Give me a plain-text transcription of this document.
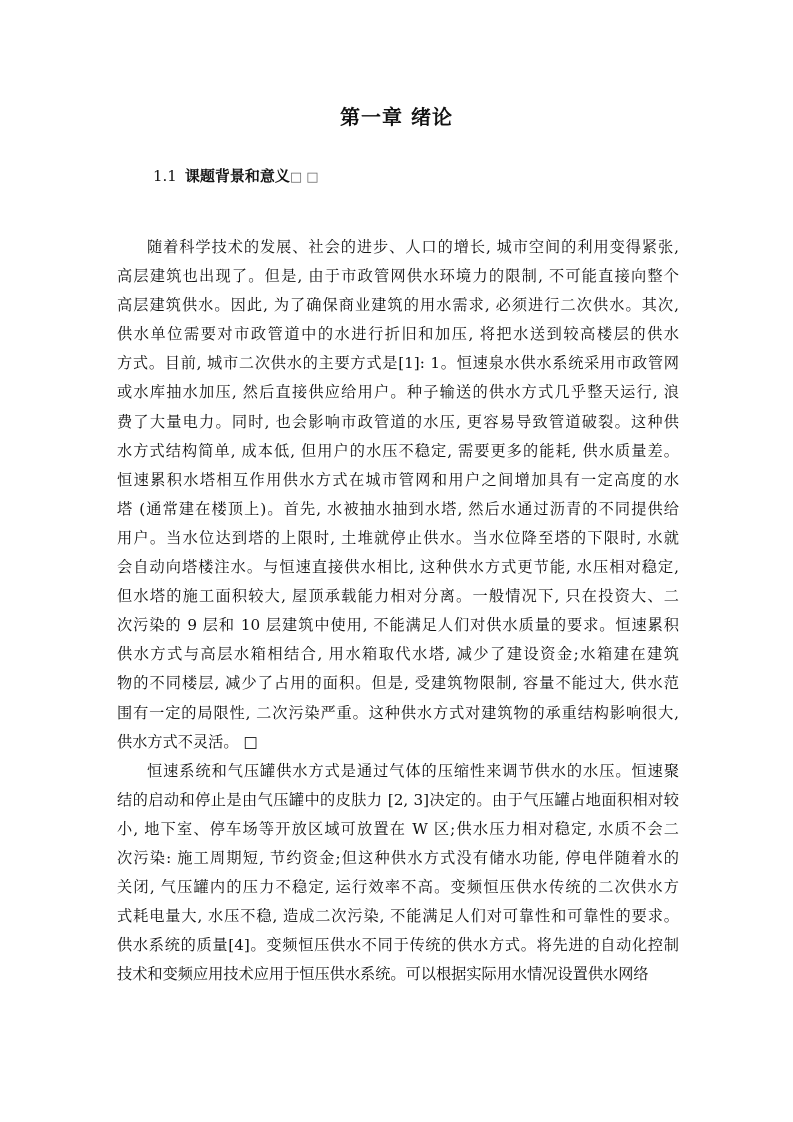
第一章 绪论
1.1 课题背景和意义□ □
随着科学技术的发展、社会的进步、人口的增长, 城市空间的利用变得紧张,
高层建筑也出现了。但是, 由于市政管网供水环境力的限制, 不可能直接向整个
高层建筑供水。因此, 为了确保商业建筑的用水需求, 必须进行二次供水。其次,
供水单位需要对市政管道中的水进行折旧和加压, 将把水送到较高楼层的供水
方式。目前, 城市二次供水的主要方式是[1]: 1。恒速泉水供水系统采用市政管网
或水库抽水加压, 然后直接供应给用户。种子输送的供水方式几乎整天运行, 浪
费了大量电力。同时, 也会影响市政管道的水压, 更容易导致管道破裂。这种供
水方式结构简单, 成本低, 但用户的水压不稳定, 需要更多的能耗, 供水质量差。
恒速累积水塔相互作用供水方式在城市管网和用户之间增加具有一定高度的水
塔 (通常建在楼顶上)。首先, 水被抽水抽到水塔, 然后水通过沥青的不同提供给
用户。当水位达到塔的上限时, 土堆就停止供水。当水位降至塔的下限时, 水就
会自动向塔楼注水。与恒速直接供水相比, 这种供水方式更节能, 水压相对稳定,
但水塔的施工面积较大, 屋顶承载能力相对分离。一般情况下, 只在投资大、二
次污染的 9 层和 10 层建筑中使用, 不能满足人们对供水质量的要求。恒速累积
供水方式与高层水箱相结合, 用水箱取代水塔, 减少了建设资金;水箱建在建筑
物的不同楼层, 减少了占用的面积。但是, 受建筑物限制, 容量不能过大, 供水范
围有一定的局限性, 二次污染严重。这种供水方式对建筑物的承重结构影响很大,
供水方式不灵活。 □
恒速系统和气压罐供水方式是通过气体的压缩性来调节供水的水压。恒速聚
结的启动和停止是由气压罐中的皮肤力 [2, 3]决定的。由于气压罐占地面积相对较
小, 地下室、停车场等开放区域可放置在 W 区;供水压力相对稳定, 水质不会二
次污染: 施工周期短, 节约资金;但这种供水方式没有储水功能, 停电伴随着水的
关闭, 气压罐内的压力不稳定, 运行效率不高。变频恒压供水传统的二次供水方
式耗电量大, 水压不稳, 造成二次污染, 不能满足人们对可靠性和可靠性的要求。
供水系统的质量[4]。变频恒压供水不同于传统的供水方式。将先进的自动化控制
技术和变频应用技术应用于恒压供水系统。可以根据实际用水情况设置供水网络
